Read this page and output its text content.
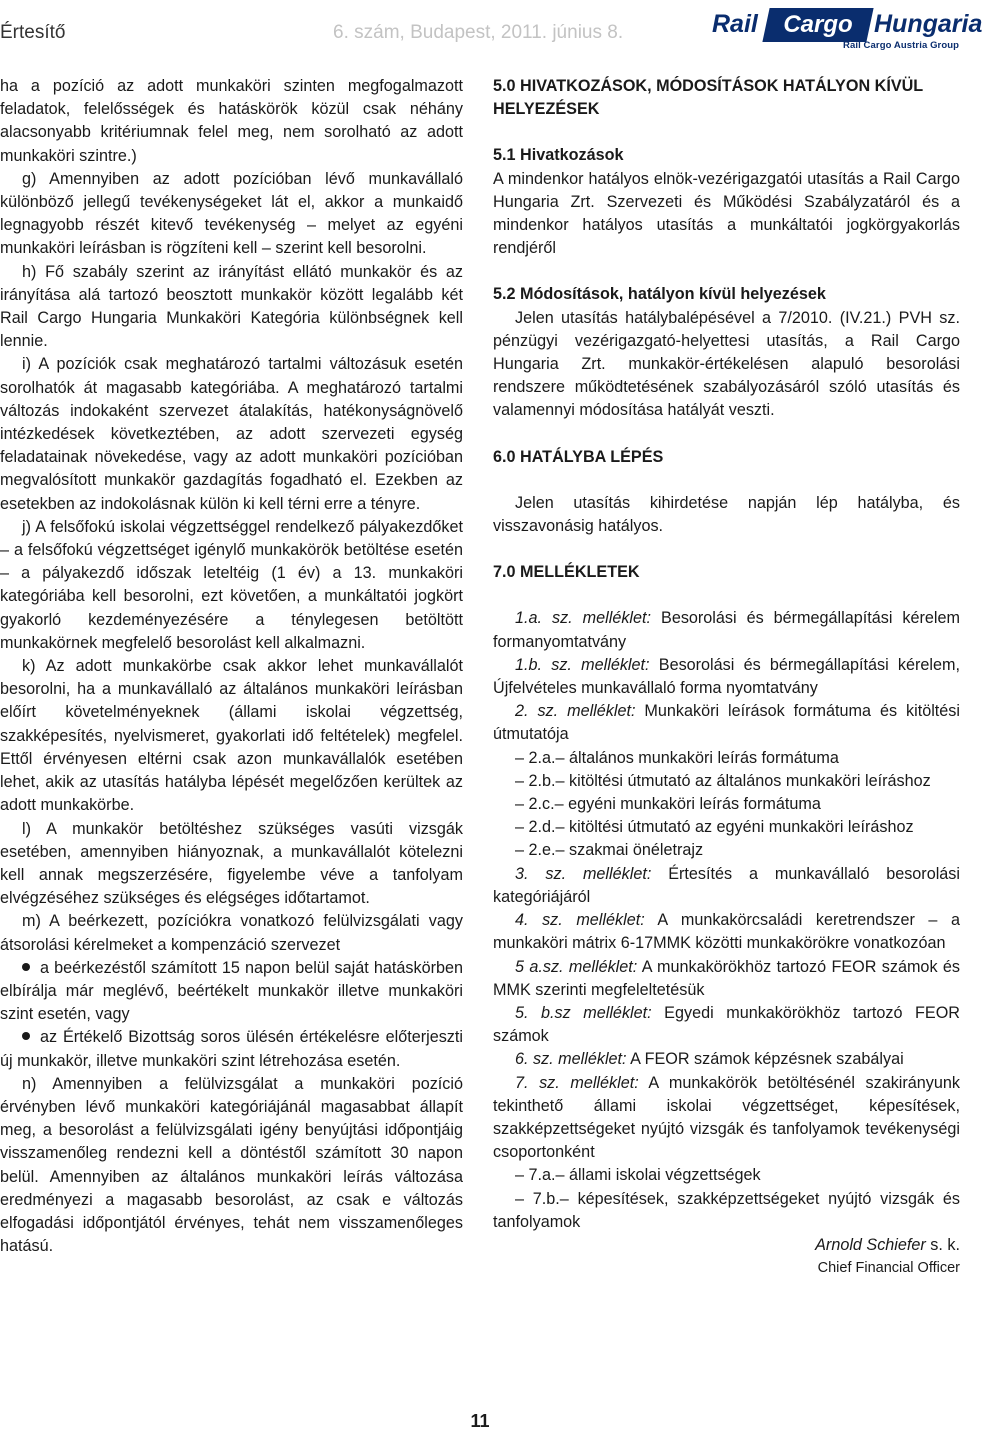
Értesítő	6. szám, Budapest, 2011. június 8.	Rail	Cargo Hungaria
Rail Cargo Austria Group

ha a pozíció az adott munkaköri szinten megfogalmazott feladatok, felelősségek és hatáskörök közül csak néhány alacsonyabb kritériumnak felel meg, nem sorolható az adott munkaköri szintre.)

g) Amennyiben az adott pozícióban lévő munkavállaló különböző jellegű tevékenységeket lát el, akkor a munkaidő legnagyobb részét kitevő tevékenység – melyet az egyéni munkaköri leírásban is rögzíteni kell – szerint kell besorolni.

h) Fő szabály szerint az irányítást ellátó munkakör és az irányítása alá tartozó beosztott munkakör között legalább két Rail Cargo Hungaria Munkaköri Kategória különbségnek kell lennie.

i) A pozíciók csak meghatározó tartalmi változásuk esetén sorolhatók át magasabb kategóriába. A meghatározó tartalmi változás indokaként szervezet átalakítás, hatékonyságnövelő intézkedések következtében, az adott szervezeti egység feladatainak növekedése, vagy az adott munkaköri pozícióban megvalósított munkakör gazdagítás fogadható el. Ezekben az esetekben az indokolásnak külön ki kell térni erre a tényre.

j) A felsőfokú iskolai végzettséggel rendelkező pályakezdőket – a felsőfokú végzettséget igénylő munkakörök betöltése esetén – a pályakezdő időszak leteltéig (1 év) a 13. munkaköri kategóriába kell besorolni, ezt követően, a munkáltatói jogkört gyakorló kezdeményezésére a ténylegesen betöltött munkakörnek megfelelő besorolást kell alkalmazni.

k) Az adott munkakörbe csak akkor lehet munkavállalót besorolni, ha a munkavállaló az általános munkaköri leírásban előírt követelményeknek (állami iskolai végzettség, szakképesítés, nyelvismeret, gyakorlati idő feltételek) megfelel. Ettől érvényesen eltérni csak azon munkavállalók esetében lehet, akik az utasítás hatályba lépését megelőzően kerültek az adott munkakörbe.

l) A munkakör betöltéshez szükséges vasúti vizsgák esetében, amennyiben hiányoznak, a munkavállalót kötelezni kell annak megszerzésére, figyelembe véve a tanfolyam elvégzéséhez szükséges és elégséges időtartamot.

m) A beérkezett, pozíciókra vonatkozó felülvizsgálati vagy átsorolási kérelmeket a kompenzáció szervezet

a beérkezéstől számított 15 napon belül saját hatáskörben elbírálja már meglévő, beértékelt munkakör illetve munkaköri szint esetén, vagy

az Értékelő Bizottság soros ülésén értékelésre előterjeszti új munkakör, illetve munkaköri szint létrehozása esetén.

n) Amennyiben a felülvizsgálat a munkaköri pozíció érvényben lévő munkaköri kategóriájánál magasabbat állapít meg, a besorolást a felülvizsgálati igény benyújtási időpontjáig visszamenőleg rendezni kell a döntéstől számított 30 napon belül. Amennyiben az általános munkaköri leírás változása eredményezi a magasabb besorolást, az csak e változás elfogadási időpontjától érvényes, tehát nem visszamenőleges hatású.

5.0 HIVATKOZÁSOK, MÓDOSÍTÁSOK HATÁLYON KÍVÜL HELYEZÉSEK

5.1 Hivatkozások

A mindenkor hatályos elnök-vezérigazgatói utasítás a Rail Cargo Hungaria Zrt. Szervezeti és Működési Szabályzatáról és a mindenkor hatályos utasítás a munkáltatói jogkörgyakorlás rendjéről

5.2 Módosítások, hatályon kívül helyezések

Jelen utasítás hatálybalépésével a 7/2010. (IV.21.) PVH sz. pénzügyi vezérigazgató-helyettesi utasítás, a Rail Cargo Hungaria Zrt. munkakör-értékelésen alapuló besorolási rendszere működtetésének szabályozásáról szóló utasítás és valamennyi módosítása hatályát veszti.

6.0 HATÁLYBA LÉPÉS

Jelen utasítás kihirdetése napján lép hatályba, és visszavonásig hatályos.

7.0 MELLÉKLETEK

1.a. sz. melléklet: Besorolási és bérmegállapítási kérelem formanyomtatvány

1.b. sz. melléklet: Besorolási és bérmegállapítási kérelem, Újfelvételes munkavállaló forma nyomtatvány

2. sz. melléklet: Munkaköri leírások formátuma és kitöltési útmutatója

– 2.a.– általános munkaköri leírás formátuma

– 2.b.– kitöltési útmutató az általános munkaköri leíráshoz

– 2.c.– egyéni munkaköri leírás formátuma

– 2.d.– kitöltési útmutató az egyéni munkaköri leíráshoz

– 2.e.– szakmai önéletrajz

3. sz. melléklet: Értesítés a munkavállaló besorolási kategóriájáról

4. sz. melléklet: A munkakörcsaládi keretrendszer – a munkaköri mátrix 6-17MMK közötti munkakörökre vonatkozóan

5 a.sz. melléklet: A munkakörökhöz tartozó FEOR számok és MMK szerinti megfeleltetésük

5. b.sz melléklet: Egyedi munkakörökhöz tartozó FEOR számok

6. sz. melléklet: A FEOR számok képzésnek szabályai

7. sz. melléklet: A munkakörök betöltésénél szakirányunk tekinthető állami iskolai végzettséget, képesítések, szakképzettségeket nyújtó vizsgák és tanfolyamok tevékenységi csoportonként

– 7.a.– állami iskolai végzettségek

– 7.b.– képesítések, szakképzettségeket nyújtó vizsgák és tanfolyamok

Arnold Schiefer s. k.

Chief Financial Officer

11
